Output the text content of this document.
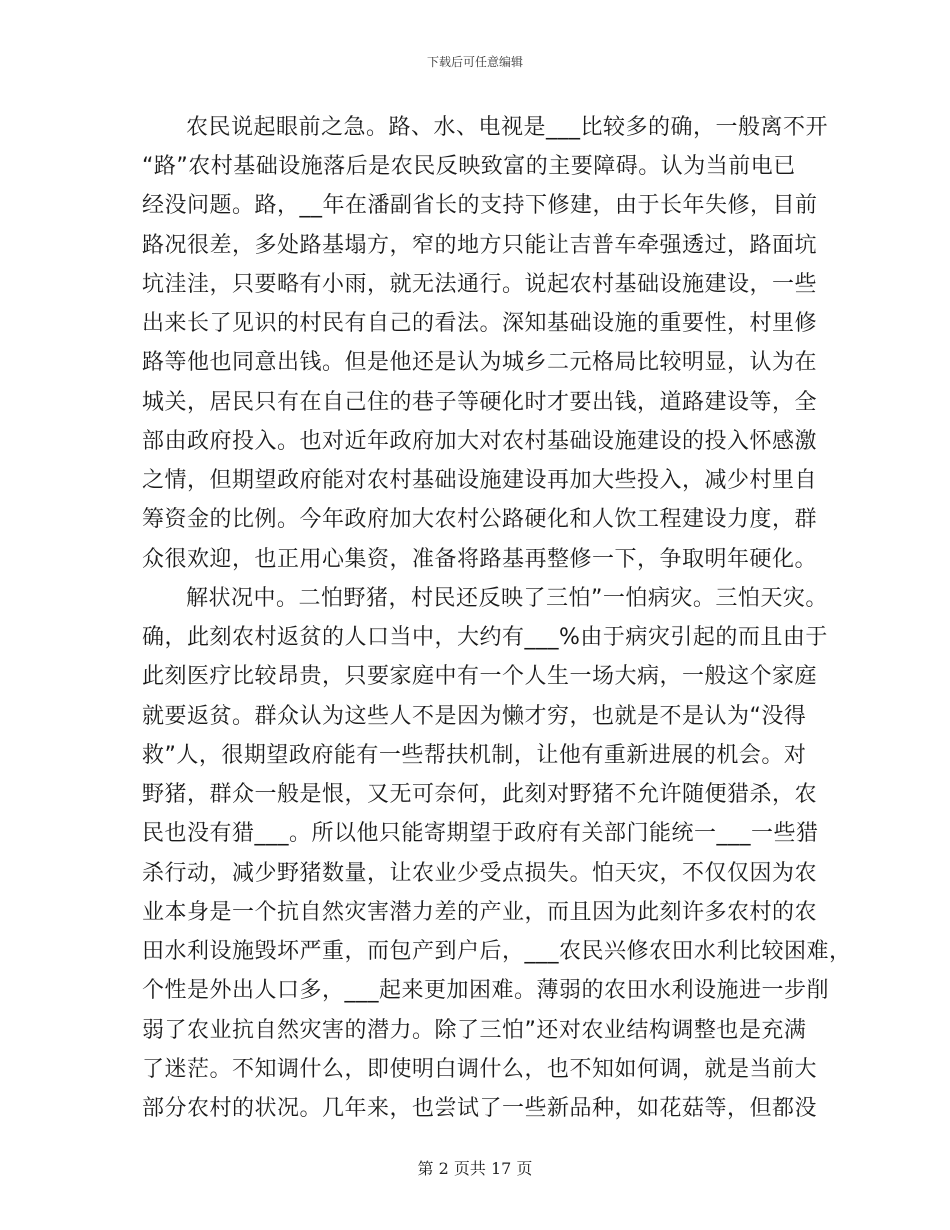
下载后可任意编辑
农民说起眼前之急。路、水、电视是___比较多的确，一般离不开
“路”农村基础设施落后是农民反映致富的主要障碍。认为当前电已
经没问题。路，__年在潘副省长的支持下修建，由于长年失修，目前
路况很差，多处路基塌方，窄的地方只能让吉普车牵强透过，路面坑
坑洼洼，只要略有小雨，就无法通行。说起农村基础设施建设，一些
出来长了见识的村民有自己的看法。深知基础设施的重要性，村里修
路等他也同意出钱。但是他还是认为城乡二元格局比较明显，认为在
城关，居民只有在自己住的巷子等硬化时才要出钱，道路建设等，全
部由政府投入。也对近年政府加大对农村基础设施建设的投入怀感激
之情，但期望政府能对农村基础设施建设再加大些投入，减少村里自
筹资金的比例。今年政府加大农村公路硬化和人饮工程建设力度，群
众很欢迎，也正用心集资，准备将路基再整修一下，争取明年硬化。
解状况中。二怕野猪，村民还反映了三怕”一怕病灾。三怕天灾。
确，此刻农村返贫的人口当中，大约有___%由于病灾引起的而且由于
此刻医疗比较昂贵，只要家庭中有一个人生一场大病，一般这个家庭
就要返贫。群众认为这些人不是因为懒才穷，也就是不是认为“没得
救”人，很期望政府能有一些帮扶机制，让他有重新进展的机会。对
野猪，群众一般是恨，又无可奈何，此刻对野猪不允许随便猎杀，农
民也没有猎___。所以他只能寄期望于政府有关部门能统一___一些猎
杀行动，减少野猪数量，让农业少受点损失。怕天灾，不仅仅因为农
业本身是一个抗自然灾害潜力差的产业，而且因为此刻许多农村的农
田水利设施毁坏严重，而包产到户后，___农民兴修农田水利比较困难，
个性是外出人口多，___起来更加困难。薄弱的农田水利设施进一步削
弱了农业抗自然灾害的潜力。除了三怕”还对农业结构调整也是充满
了迷茫。不知调什么，即使明白调什么，也不知如何调，就是当前大
部分农村的状况。几年来，也尝试了一些新品种，如花菇等，但都没
第 2 页共 17 页
